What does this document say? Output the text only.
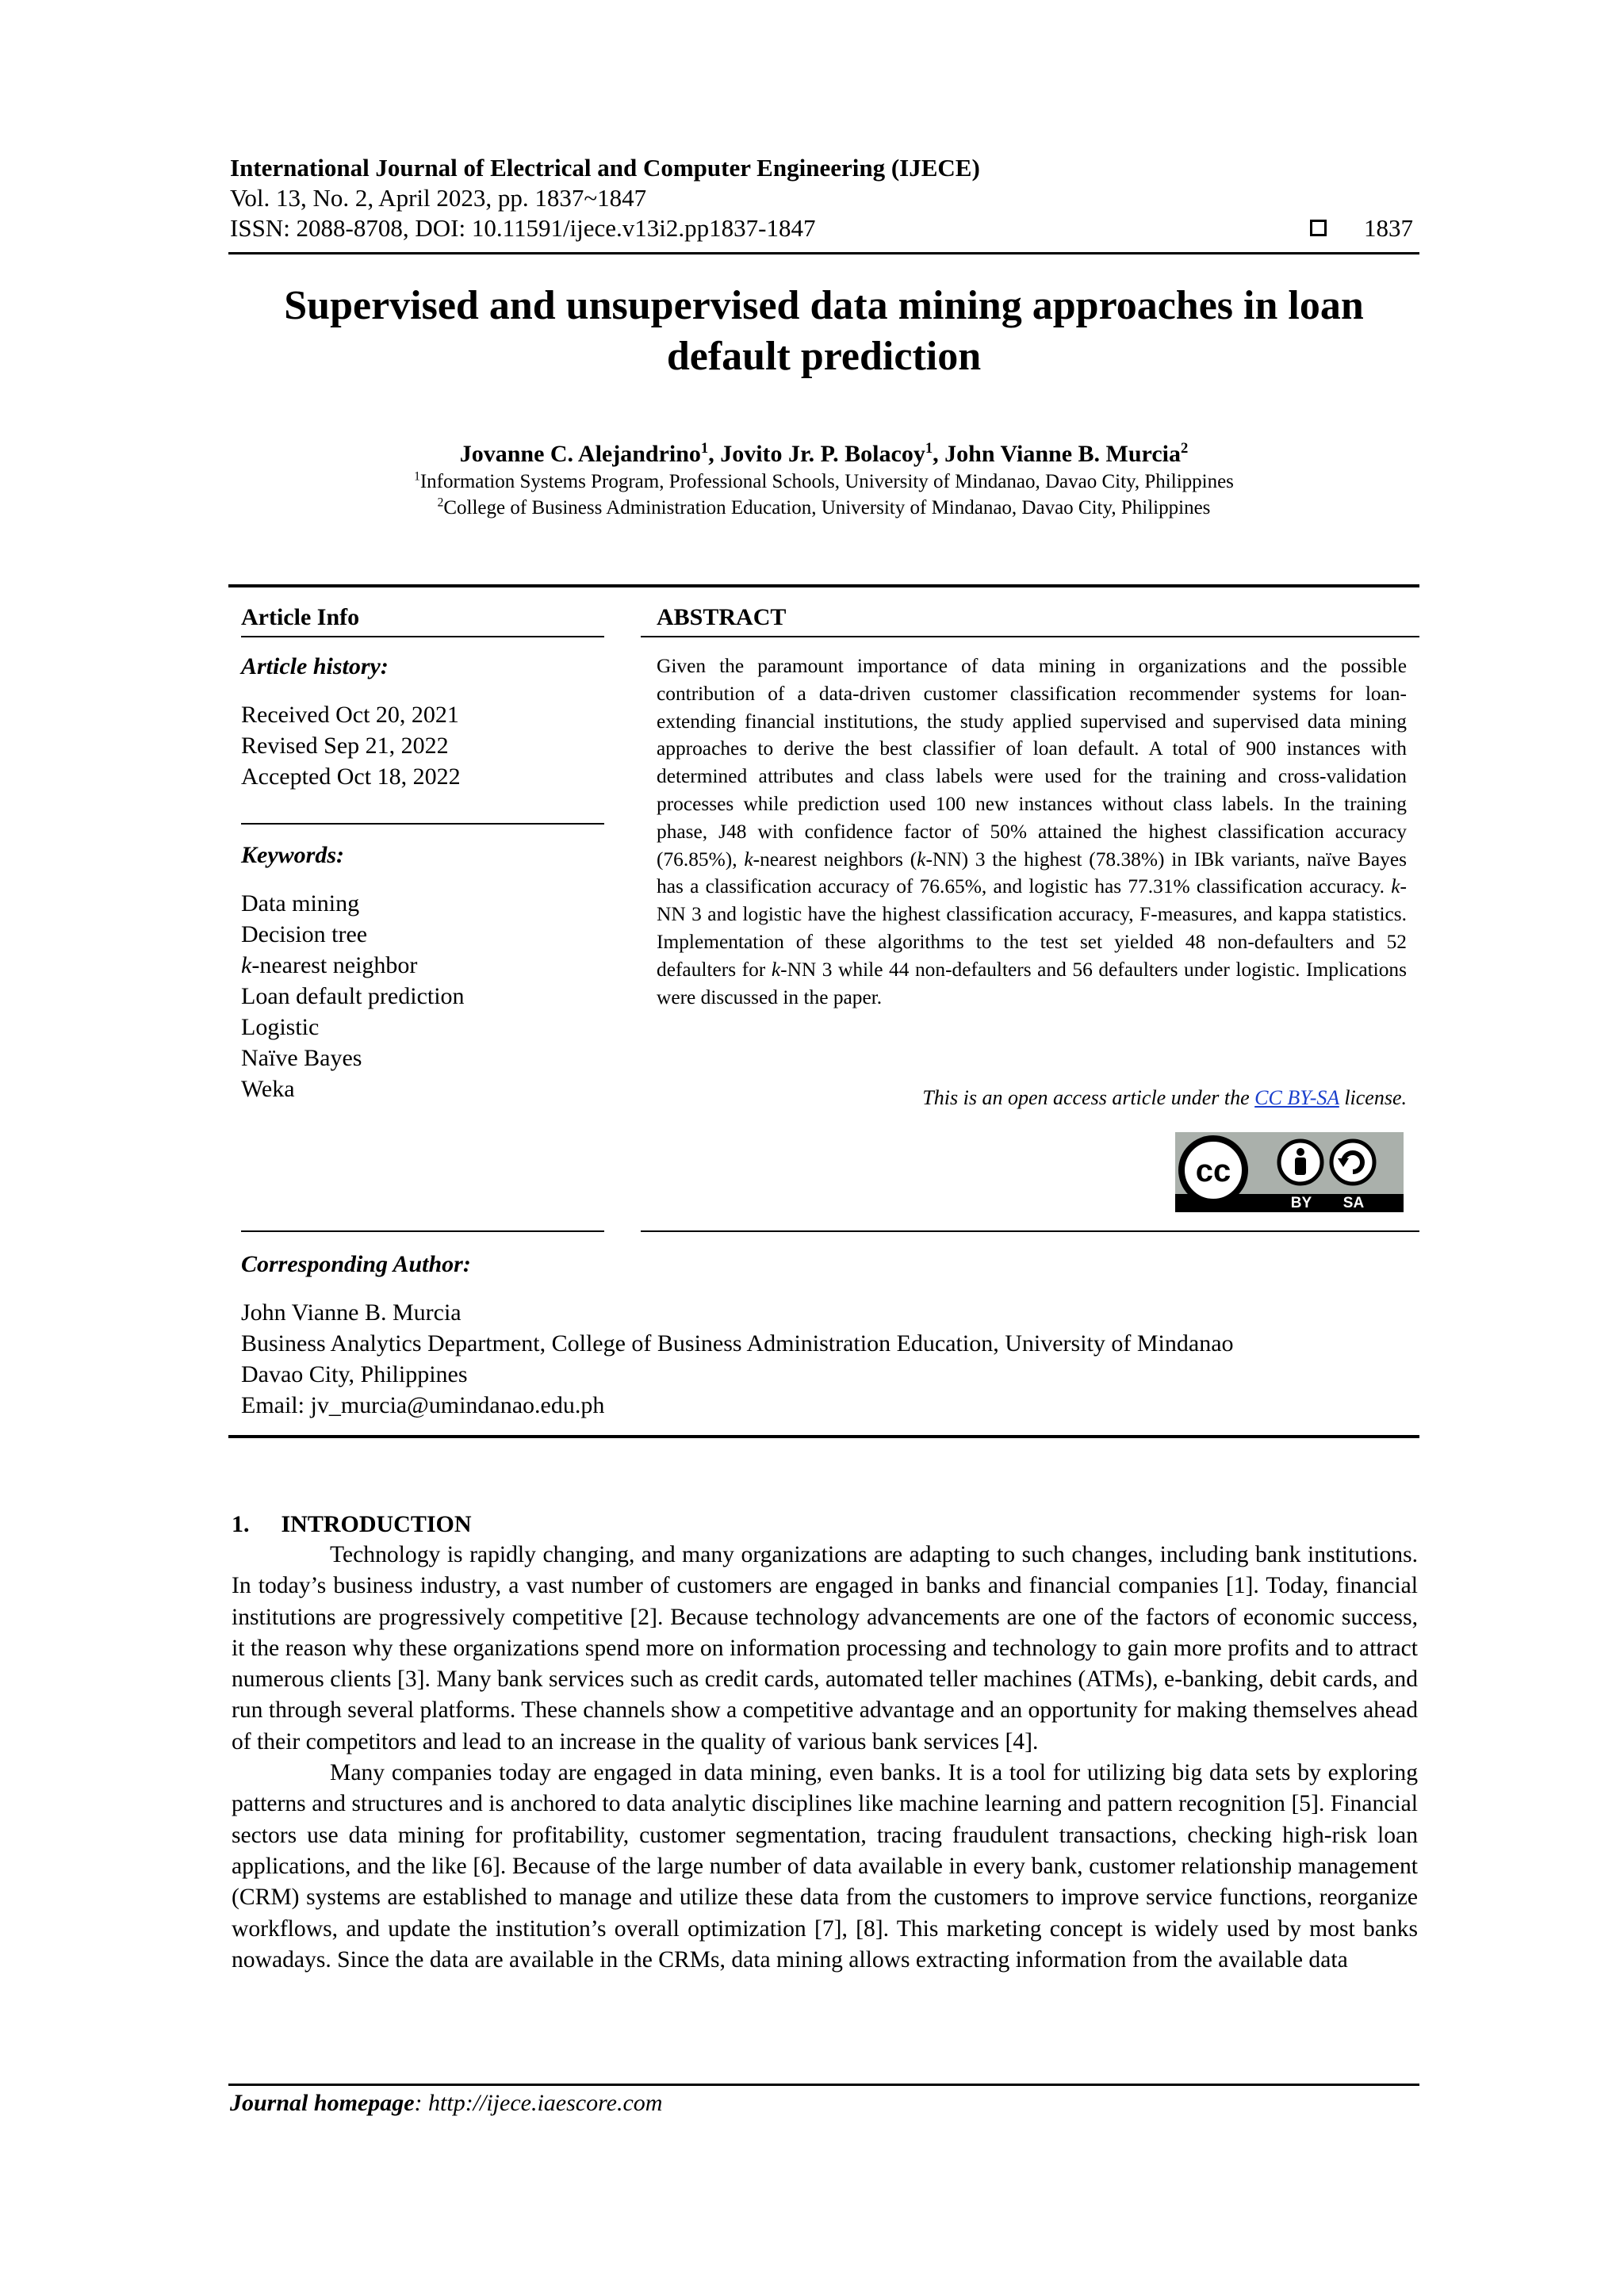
International Journal of Electrical and Computer Engineering (IJECE)
Vol. 13, No. 2, April 2023, pp. 1837~1847
ISSN: 2088-8708, DOI: 10.11591/ijece.v13i2.pp1837-1847	1837
Supervised and unsupervised data mining approaches in loan
default prediction
Jovanne C. Alejandrino$^1$, Jovito Jr. P. Bolacoy$^1$, John Vianne B. Murcia$^2$
$^1$Information Systems Program, Professional Schools, University of Mindanao, Davao City, Philippines
$^2$College of Business Administration Education, University of Mindanao, Davao City, Philippines
Article Info
Article history:
Received Oct 20, 2021
Revised Sep 21, 2022
Accepted Oct 18, 2022
Keywords:
Data mining
Decision tree
k-nearest neighbor
Loan default prediction
Logistic
Naïve Bayes
Weka
ABSTRACT
Given the paramount importance of data mining in organizations and the possible contribution of a data-driven customer classification recommender systems for loan-extending financial institutions, the study applied supervised and supervised data mining approaches to derive the best classifier of loan default. A total of 900 instances with determined attributes and class labels were used for the training and cross-validation processes while prediction used 100 new instances without class labels. In the training phase, J48 with confidence factor of 50% attained the highest classification accuracy (76.85%), k-nearest neighbors (k-NN) 3 the highest (78.38%) in IBk variants, naïve Bayes has a classification accuracy of 76.65%, and logistic has 77.31% classification accuracy. k-NN 3 and logistic have the highest classification accuracy, F-measures, and kappa statistics. Implementation of these algorithms to the test set yielded 48 non-defaulters and 52 defaulters for k-NN 3 while 44 non-defaulters and 56 defaulters under logistic. Implications were discussed in the paper.
This is an open access article under the CC BY-SA license.
cc
BY SA
Corresponding Author:
John Vianne B. Murcia
Business Analytics Department, College of Business Administration Education, University of Mindanao
Davao City, Philippines
Email: jv_murcia@umindanao.edu.ph
1. INTRODUCTION

Technology is rapidly changing, and many organizations are adapting to such changes, including bank institutions. In today’s business industry, a vast number of customers are engaged in banks and financial companies [1]. Today, financial institutions are progressively competitive [2]. Because technology advancements are one of the factors of economic success, it the reason why these organizations spend more on information processing and technology to gain more profits and to attract numerous clients [3]. Many bank services such as credit cards, automated teller machines (ATMs), e-banking, debit cards, and run through several platforms. These channels show a competitive advantage and an opportunity for making themselves ahead of their competitors and lead to an increase in the quality of various bank services [4].

Many companies today are engaged in data mining, even banks. It is a tool for utilizing big data sets by exploring patterns and structures and is anchored to data analytic disciplines like machine learning and pattern recognition [5]. Financial sectors use data mining for profitability, customer segmentation, tracing fraudulent transactions, checking high-risk loan applications, and the like [6]. Because of the large number of data available in every bank, customer relationship management (CRM) systems are established to manage and utilize these data from the customers to improve service functions, reorganize workflows, and update the institution’s overall optimization [7], [8]. This marketing concept is widely used by most banks nowadays. Since the data are available in the CRMs, data mining allows extracting information from the available data

Journal homepage: http://ijece.iaescore.com
